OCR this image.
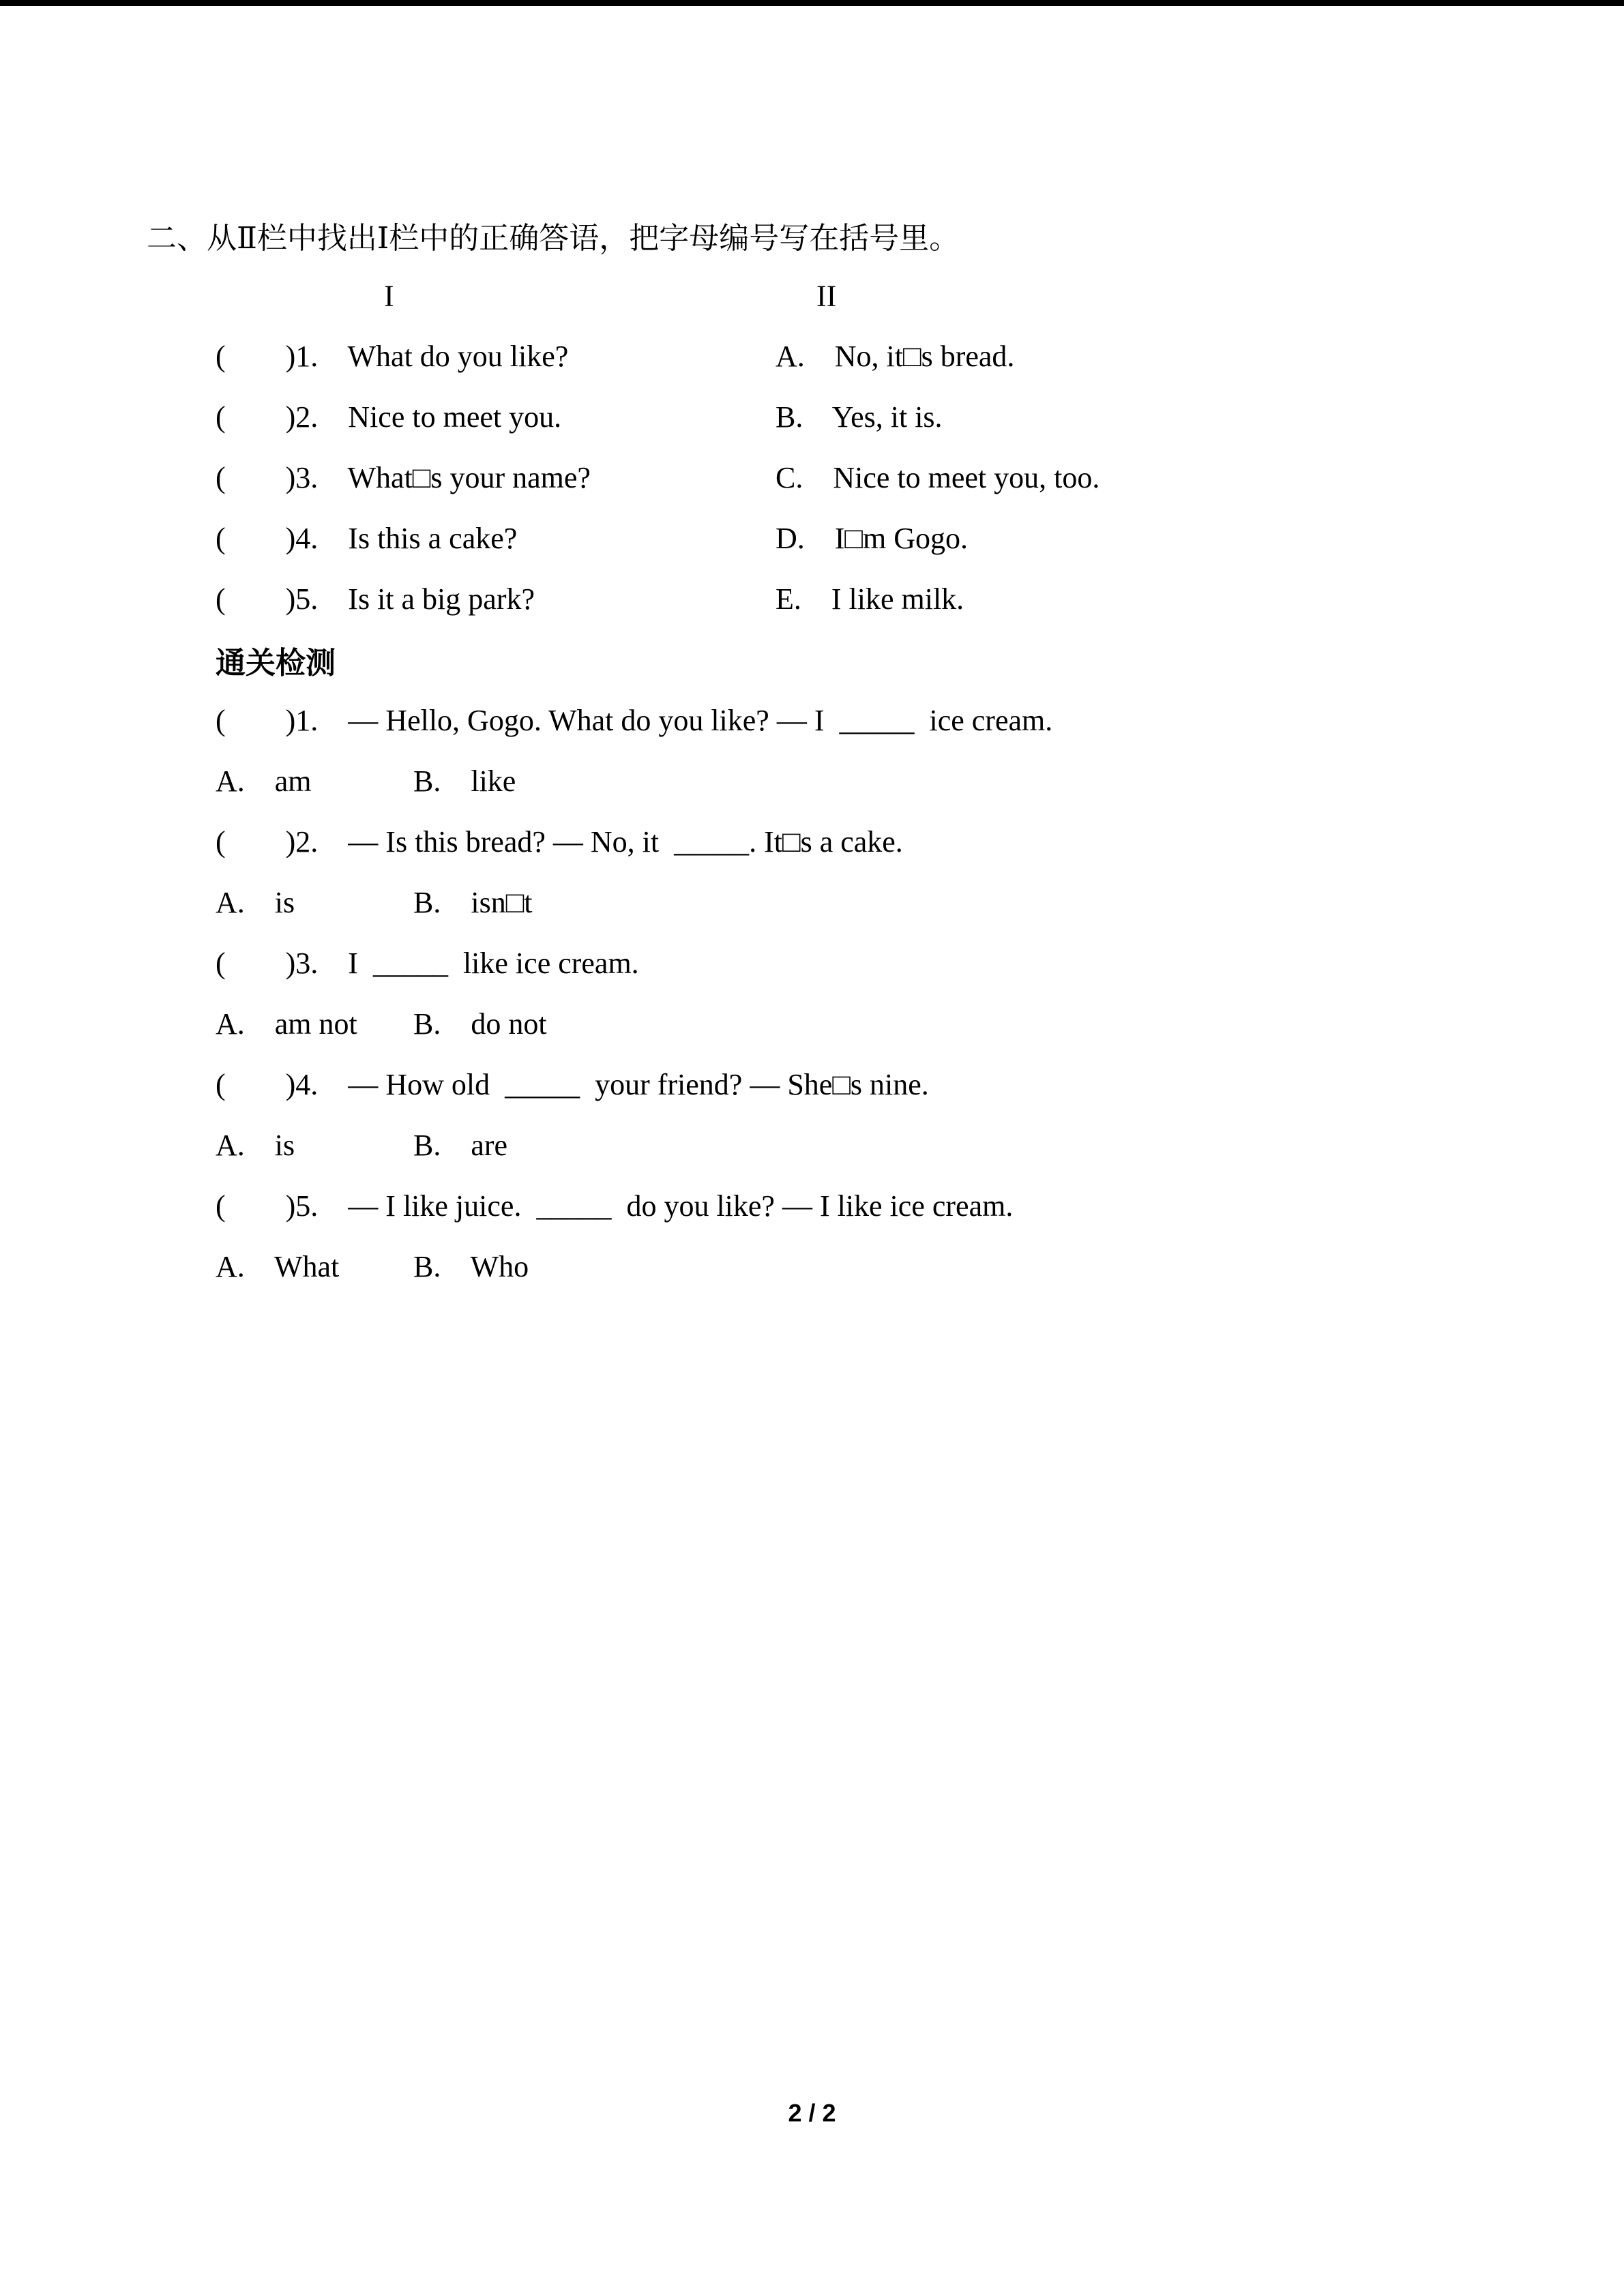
二、从Ⅱ栏中找出Ⅰ栏中的正确答语，把字母编号写在括号里。
I	II
(        )1.    What do you like?	A.    No, it□s bread.
(        )2.    Nice to meet you.	B.    Yes, it is.
(        )3.    What□s your name?	C.    Nice to meet you, too.
(        )4.    Is this a cake?	D.    I□m Gogo.
(        )5.    Is it a big park?	E.    I like milk.
通关检测
(        )1.    — Hello, Gogo. What do you like? — I  _____  ice cream.
A.    am	B.    like
(        )2.    — Is this bread? — No, it  _____. It□s a cake.
A.    is	B.    isn□t
(        )3.    I  _____  like ice cream.
A.    am not	B.    do not
(        )4.    — How old  _____  your friend? — She□s nine.
A.    is	B.    are
(        )5.    — I like juice.  _____  do you like? — I like ice cream.
A.    What	B.    Who
2 / 2
